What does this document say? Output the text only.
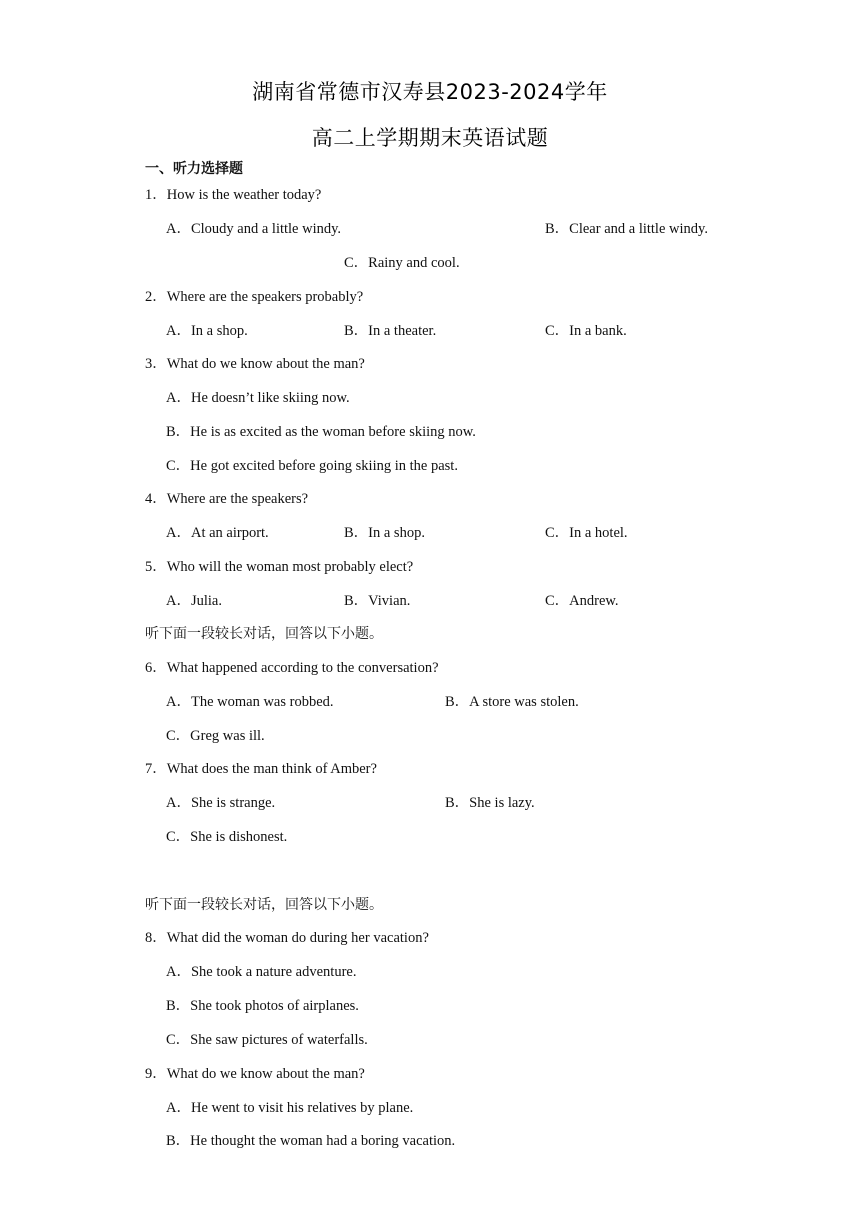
湖南省常德市汉寿县2023-2024学年
高二上学期期末英语试题
一、听力选择题
1．How is the weather today?
A．Cloudy and a little windy.	B．Clear and a little windy.
C．Rainy and cool.
2．Where are the speakers probably?
A．In a shop.	B．In a theater.	C．In a bank.
3．What do we know about the man?
A．He doesn’t like skiing now.
B．He is as excited as the woman before skiing now.
C．He got excited before going skiing in the past.
4．Where are the speakers?
A．At an airport.	B．In a shop.	C．In a hotel.
5．Who will the woman most probably elect?
A．Julia.	B．Vivian.	C．Andrew.
听下面一段较长对话，回答以下小题。
6．What happened according to the conversation?
A．The woman was robbed.	B．A store was stolen.
C．Greg was ill.
7．What does the man think of Amber?
A．She is strange.	B．She is lazy.
C．She is dishonest.
听下面一段较长对话，回答以下小题。
8．What did the woman do during her vacation?
A．She took a nature adventure.
B．She took photos of airplanes.
C．She saw pictures of waterfalls.
9．What do we know about the man?
A．He went to visit his relatives by plane.
B．He thought the woman had a boring vacation.
